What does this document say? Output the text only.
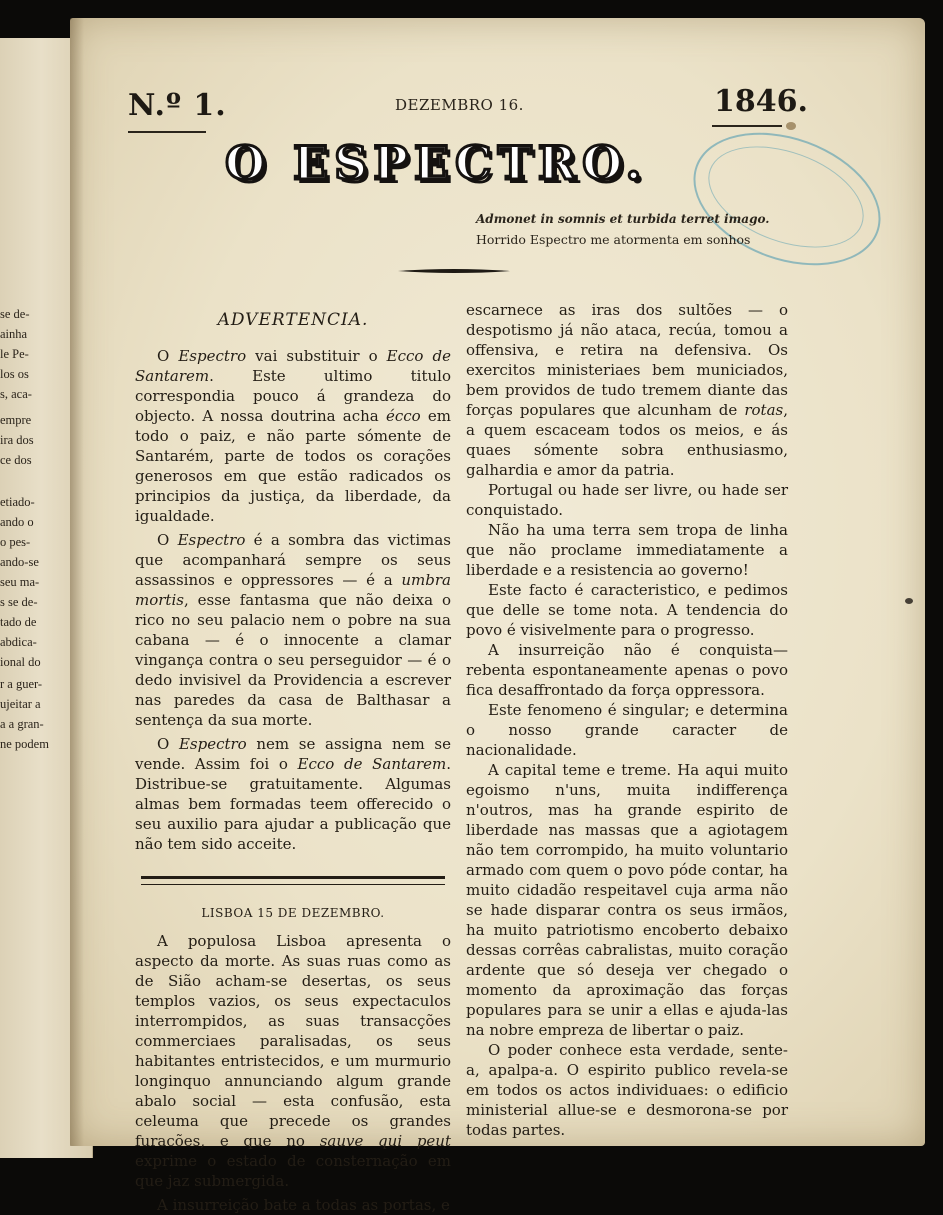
se de-
ainha
le Pe-
los os
s, aca-
empre
ira dos
ce dos
etiado-
ando o
o pes-
ando-se
seu ma-
s se de-
tado de
abdica-
ional do
r a guer-
ujeitar a
a a gran-
ne podem
N.º 1.	DEZEMBRO 16.	1846.
O ESPECTRO.
Admonet in somnis et turbida terret imago.
Horrido Espectro me atormenta em sonhos
ADVERTENCIA.

O Espectro vai substituir o Ecco de Santarem. Este ultimo titulo correspondia pouco á grandeza do objecto. A nossa doutrina acha écco em todo o paiz, e não parte sómente de Santarém, parte de todos os corações generosos em que estão radicados os principios da justiça, da liberdade, da igualdade.

O Espectro é a sombra das victimas que acompanhará sempre os seus assassinos e oppressores — é a umbra mortis, esse fantasma que não deixa o rico no seu palacio nem o pobre na sua cabana — é o innocente a clamar vingança contra o seu perseguidor — é o dedo invisivel da Providencia a escrever nas paredes da casa de Balthasar a sentença da sua morte.

O Espectro nem se assigna nem se vende. Assim foi o Ecco de Santarem. Distribue-se gratuitamente. Algumas almas bem formadas teem offerecido o seu auxilio para ajudar a publicação que não tem sido acceite.

LISBOA 15 DE DEZEMBRO.

A populosa Lisboa apresenta o aspecto da morte. As suas ruas como as de Sião acham-se desertas, os seus templos vazios, os seus expectaculos interrompidos, as suas transacções commerciaes paralisadas, os seus habitantes entristecidos, e um murmurio longinquo annunciando algum grande abalo social — esta confusão, esta celeuma que precede os grandes furacões, e que no sauve qui peut exprime o estado de consternação em que jaz submergida.

A insurreição bate a todas as portas, e

escarnece as iras dos sultões — o despotismo já não ataca, recúa, tomou a offensiva, e retira na defensiva. Os exercitos ministeriaes bem municiados, bem providos de tudo tremem diante das forças populares que alcunham de rotas, a quem escaceam todos os meios, e ás quaes sómente sobra enthusiasmo, galhardia e amor da patria.

Portugal ou hade ser livre, ou hade ser conquistado.

Não ha uma terra sem tropa de linha que não proclame immediatamente a liberdade e a resistencia ao governo!

Este facto é caracteristico, e pedimos que delle se tome nota. A tendencia do povo é visivelmente para o progresso.

A insurreição não é conquista—rebenta espontaneamente apenas o povo fica desaffrontado da força oppressora.

Este fenomeno é singular; e determina o nosso grande caracter de nacionalidade.

A capital teme e treme. Ha aqui muito egoismo n'uns, muita indifferença n'outros, mas ha grande espirito de liberdade nas massas que a agiotagem não tem corrompido, ha muito voluntario armado com quem o povo póde contar, ha muito cidadão respeitavel cuja arma não se hade disparar contra os seus irmãos, ha muito patriotismo encoberto debaixo dessas corrêas cabralistas, muito coração ardente que só deseja ver chegado o momento da aproximação das forças populares para se unir a ellas e ajuda-las na nobre empreza de libertar o paiz.

O poder conhece esta verdade, sente-a, apalpa-a. O espirito publico revela-se em todos os actos individuaes: o edificio ministerial allue-se e desmorona-se por todas partes.
